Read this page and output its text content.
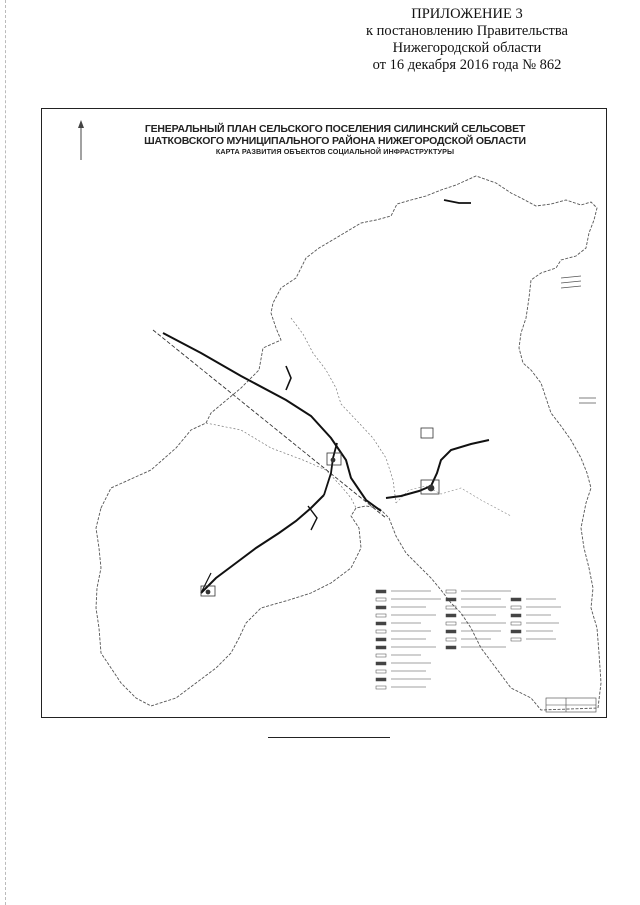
ПРИЛОЖЕНИЕ 3
к постановлению Правительства
Нижегородской области
от 16 декабря 2016 года № 862
ГЕНЕРАЛЬНЫЙ ПЛАН СЕЛЬСКОГО ПОСЕЛЕНИЯ СИЛИНСКИЙ СЕЛЬСОВЕТ
ШАТКОВСКОГО МУНИЦИПАЛЬНОГО РАЙОНА НИЖЕГОРОДСКОЙ ОБЛАСТИ
КАРТА РАЗВИТИЯ ОБЪЕКТОВ СОЦИАЛЬНОЙ ИНФРАСТРУКТУРЫ
